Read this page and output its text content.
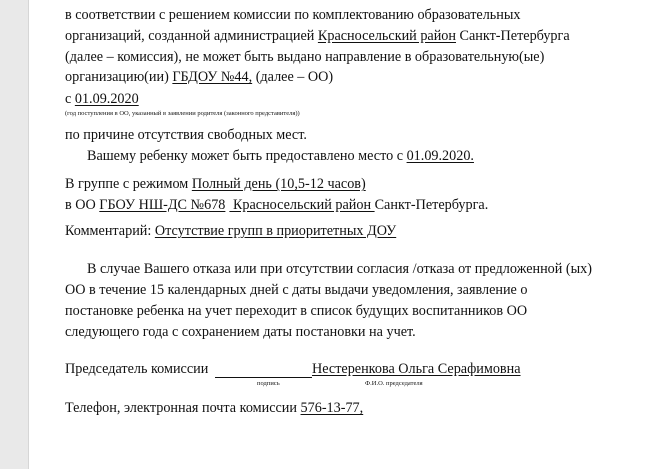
в соответствии с решением комиссии по комплектованию образовательных
организаций, созданной администрацией Красносельский район Санкт-Петербурга
(далее – комиссия), не может быть выдано направление в образовательную(ые)
организацию(ии) ГБДОУ №44, (далее – ОО)
с 01.09.2020
(год поступления в ОО, указанный в заявлении родителя (законного представителя))
по причине отсутствия свободных мест.
Вашему ребенку может быть предоставлено место с 01.09.2020.
В группе с режимом Полный день (10,5-12 часов)
в ОО ГБОУ НШ-ДС №678 Красносельский район Санкт-Петербурга.
Комментарий: Отсутствие групп в приоритетных ДОУ
В случае Вашего отказа или при отсутствии согласия /отказа от предложенной (ых)
ОО в течение 15 календарных дней с даты выдачи уведомления, заявление о
постановке ребенка на учет переходит в список будущих воспитанников ОО
следующего года с сохранением даты постановки на учет.
Председатель комиссии	Нестеренкова Ольга Серафимовна
подпись	Ф.И.О. председателя
Телефон, электронная почта комиссии 576-13-77,
